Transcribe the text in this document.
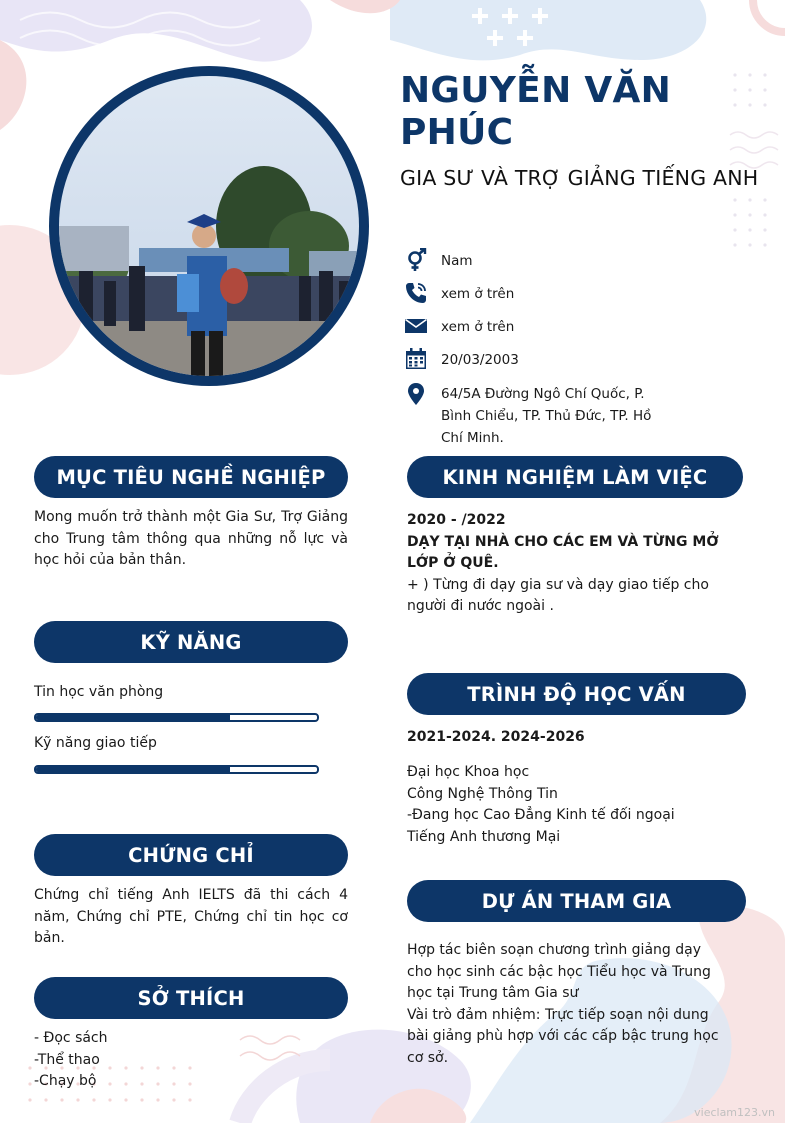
NGUYỄN VĂN PHÚC
GIA SƯ VÀ TRỢ GIẢNG TIẾNG ANH
Nam
xem ở trên
xem ở trên
20/03/2003
64/5A Đường Ngô Chí Quốc, P. Bình Chiểu, TP. Thủ Đức, TP. Hồ Chí Minh.
MỤC TIÊU NGHỀ NGHIỆP
Mong muốn trở thành một Gia Sư, Trợ Giảng cho Trung tâm thông qua những nỗ lực và học hỏi của bản thân.
KỸ NĂNG
Tin học văn phòng
Kỹ năng giao tiếp
CHỨNG CHỈ
Chứng chỉ tiếng Anh IELTS đã thi cách 4 năm, Chứng chỉ PTE, Chứng chỉ tin học cơ bản.
SỞ THÍCH
- Đọc sách
-Thể thao
-Chạy bộ
KINH NGHIỆM LÀM VIỆC
2020 - /2022
DẠY TẠI NHÀ CHO CÁC EM VÀ TỪNG MỞ LỚP Ở QUÊ.
+ ) Từng đi dạy gia sư và dạy giao tiếp cho người đi nước ngoài .
TRÌNH ĐỘ HỌC VẤN
2021-2024. 2024-2026
Đại học Khoa học
Công Nghệ Thông Tin
-Đang học Cao Đẳng Kinh tế đối ngoại
Tiếng Anh thương Mại
DỰ ÁN THAM GIA
Hợp tác biên soạn chương trình giảng dạy cho học sinh các bậc học Tiểu học và Trung học tại Trung tâm Gia sư
Vài trò đảm nhiệm: Trực tiếp soạn nội dung bài giảng phù hợp với các cấp bậc trung học cơ sở.
vieclam123.vn
